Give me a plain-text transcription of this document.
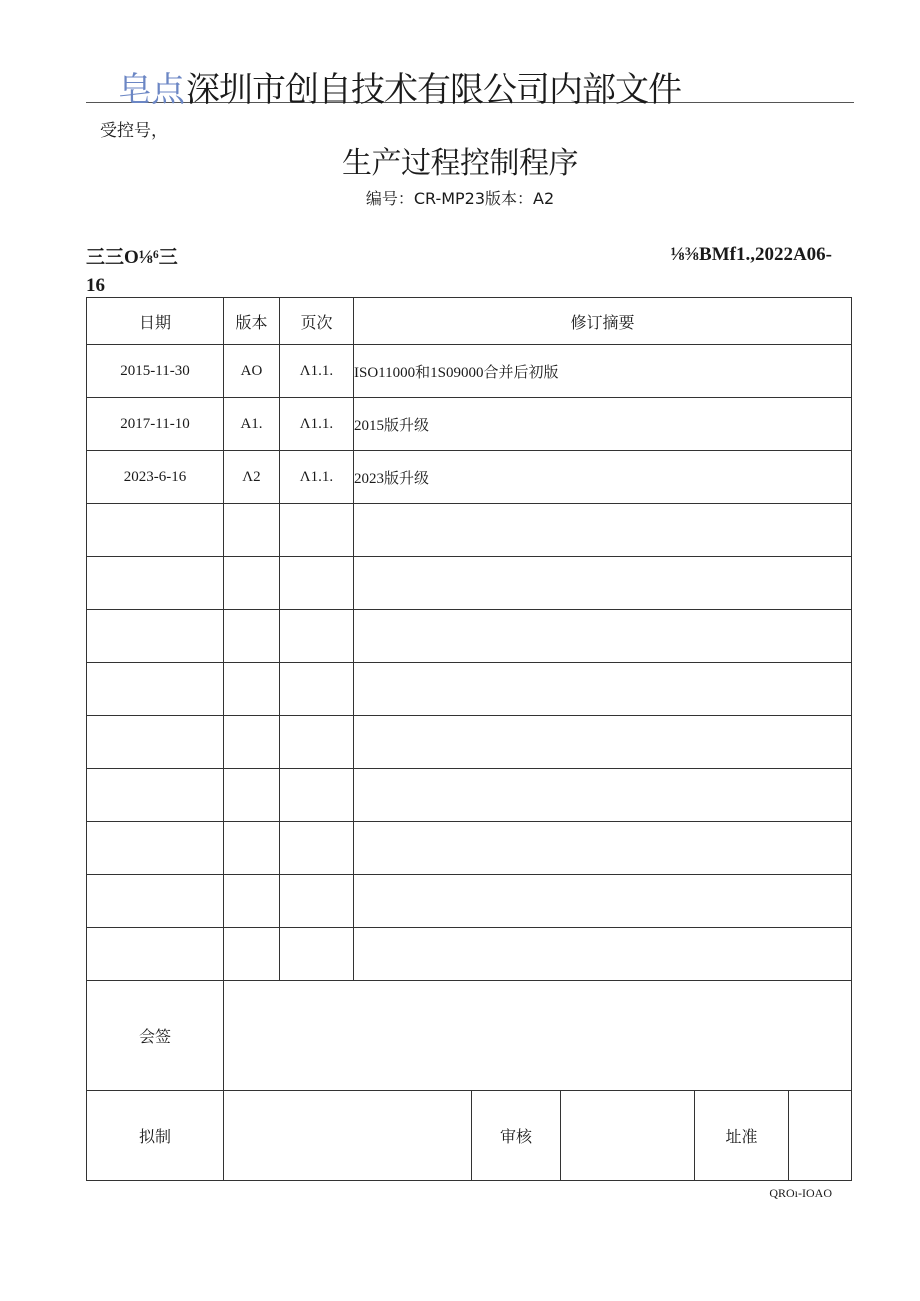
皂点 深圳市创自技术有限公司内部文件
受控号，
生产过程控制程序
编号：CR-MP23版本：A2
三三O⅛⁶三
16
⅛⅜BMf1.,2022A06-
日期	版本	页次	修订摘要				
2015-11-30	AO	Λ1.1.	ISO11000和1S09000合并后初版				
2017-11-10	A1.	Λ1.1.	2015版升级				
2023-6-16	Λ2	Λ1.1.	2023版升级				

会签							
拟制				审核		址准	
QROı-IOAO
